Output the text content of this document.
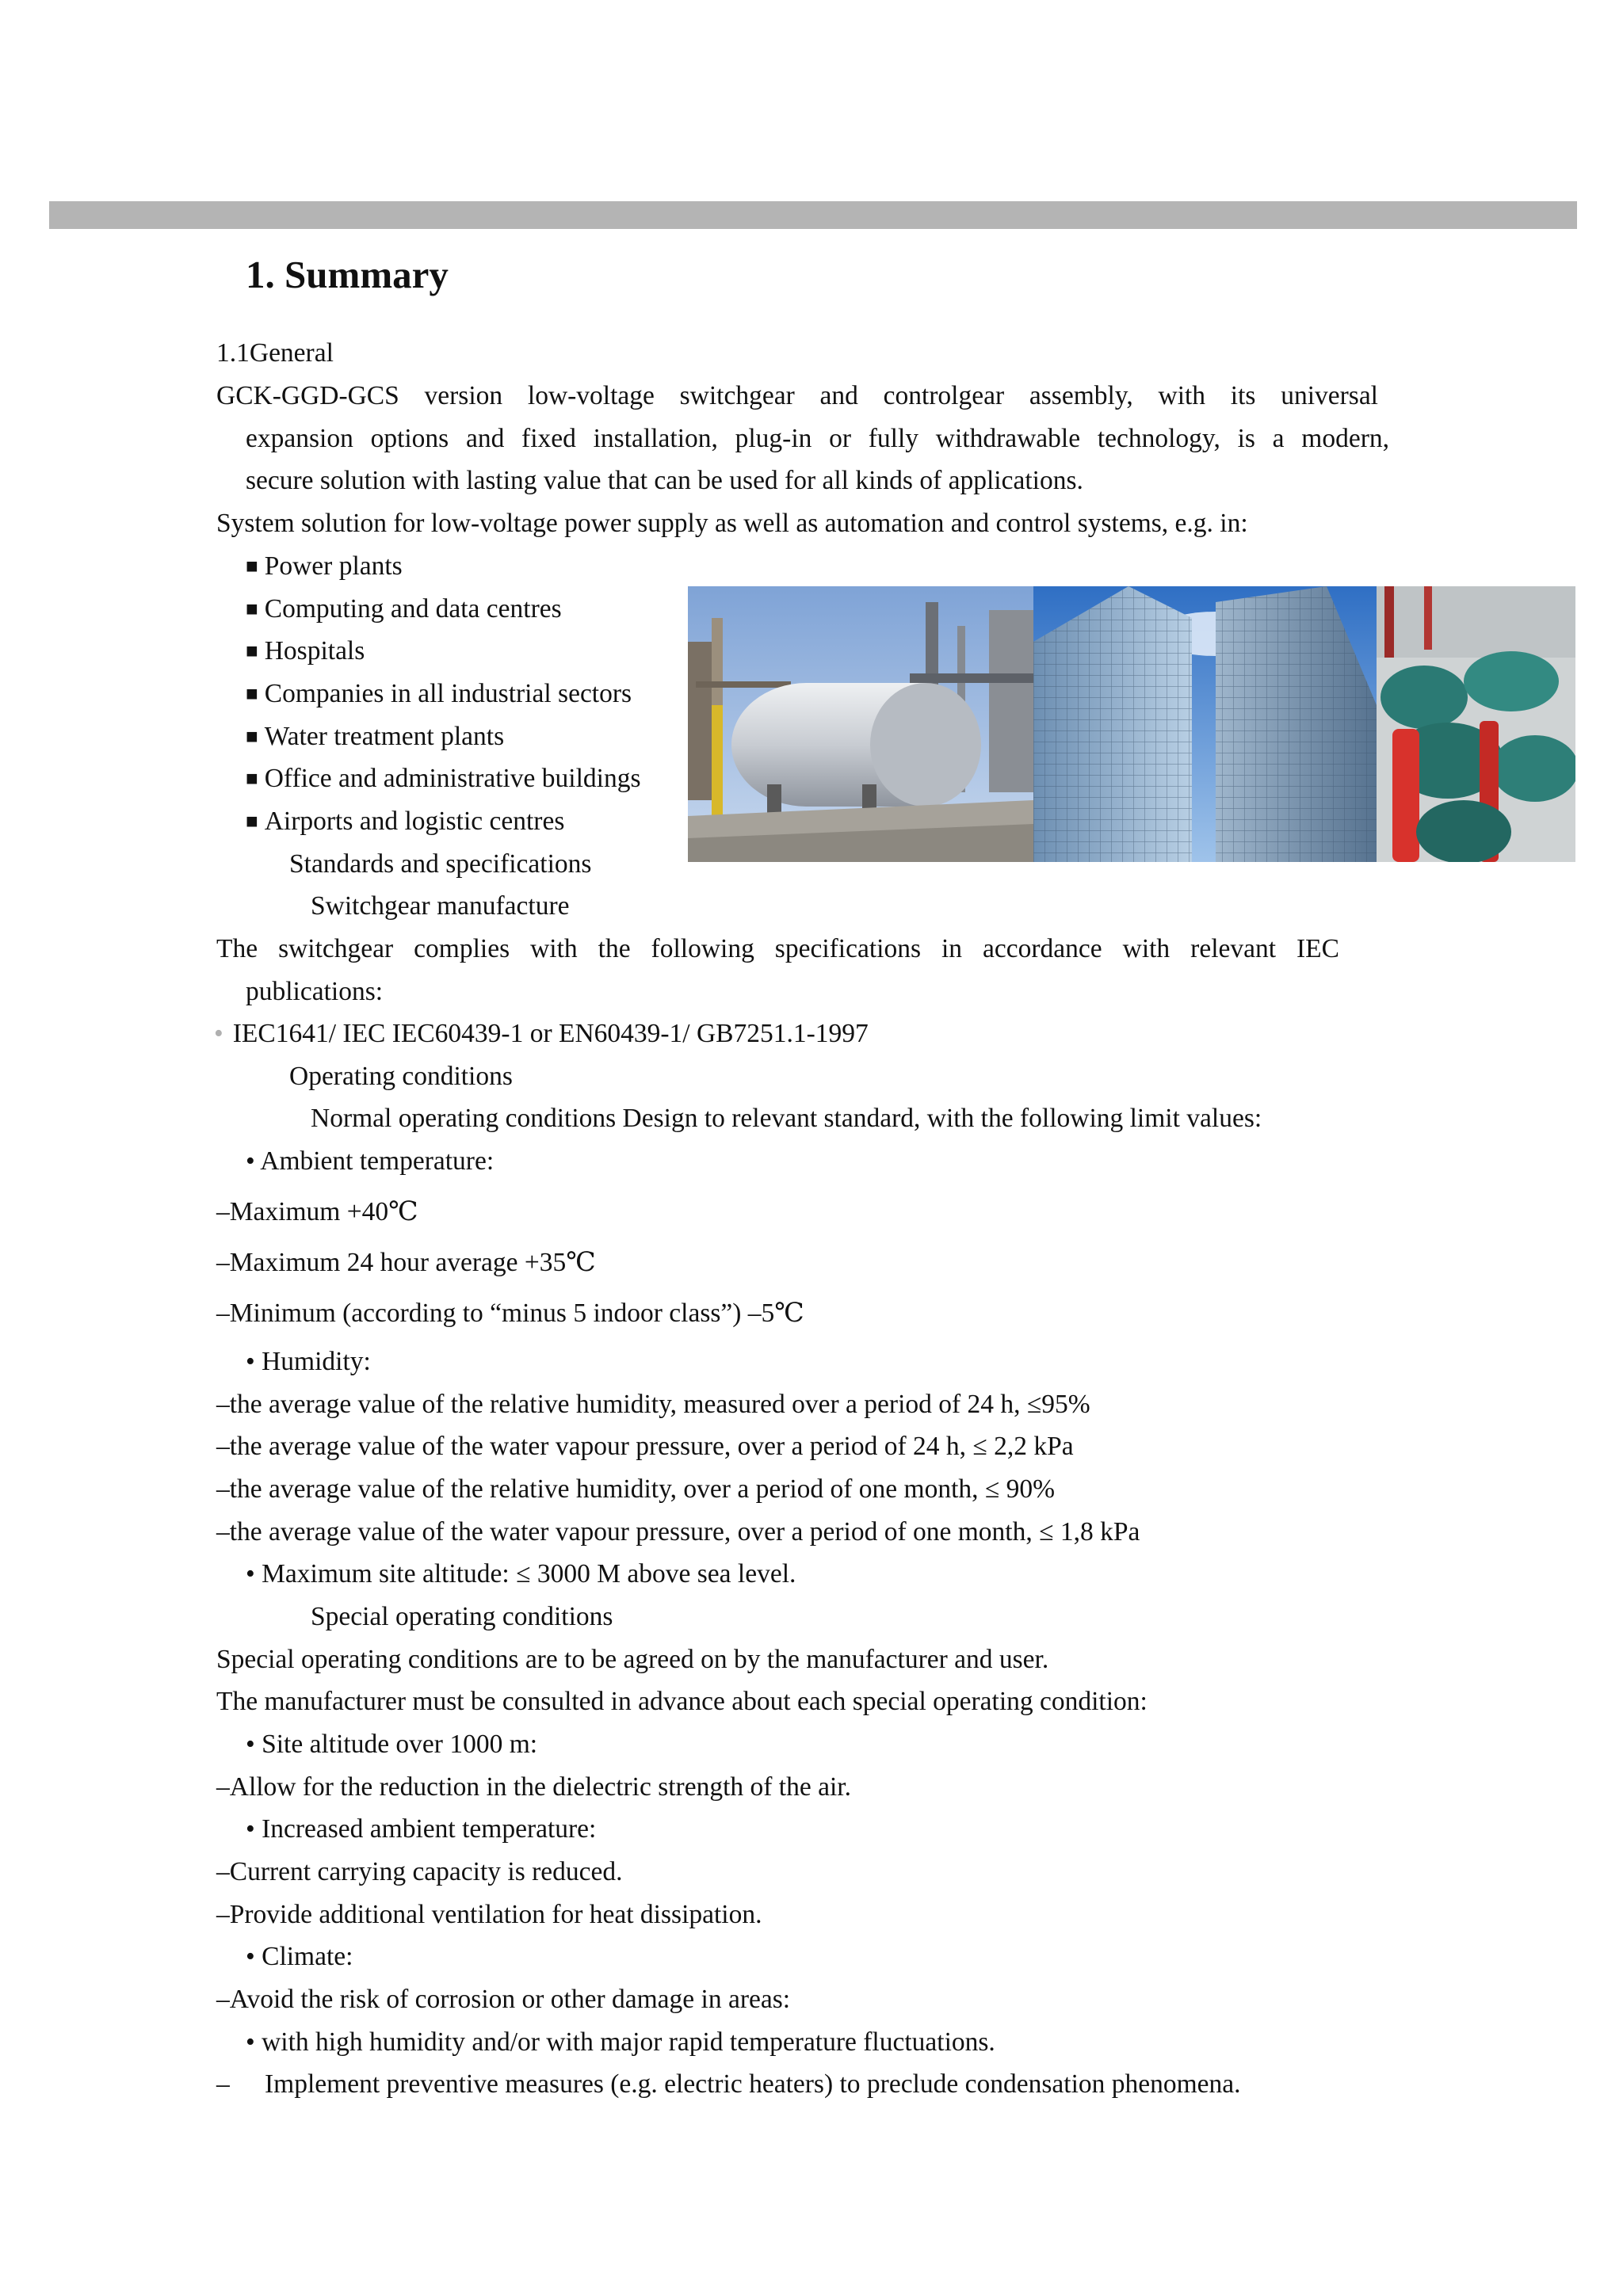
1. Summary
1.1General
GCK-GGD-GCS version low-voltage switchgear and controlgear assembly, with its universal
expansion options and fixed installation, plug-in or fully withdrawable technology, is a modern,
secure solution with lasting value that can be used for all kinds of applications.
System solution for low-voltage power supply as well as automation and control systems, e.g. in:
■ Power plants
■ Computing and data centres
■ Hospitals
■ Companies in all industrial sectors
■ Water treatment plants
■ Office and administrative buildings
■ Airports and logistic centres
Standards and specifications
Switchgear manufacture
The switchgear complies with the following specifications in accordance with relevant IEC
publications:
• IEC1641/ IEC IEC60439-1 or EN60439-1/ GB7251.1-1997
Operating conditions
Normal operating conditions Design to relevant standard, with the following limit values:
• Ambient temperature:
–Maximum +40℃
–Maximum 24 hour average +35℃
–Minimum (according to “minus 5 indoor class”) –5℃
• Humidity:
–the average value of the relative humidity, measured over a period of 24 h, ≤95%
–the average value of the water vapour pressure, over a period of 24 h, ≤ 2,2 kPa
–the average value of the relative humidity, over a period of one month, ≤ 90%
–the average value of the water vapour pressure, over a period of one month, ≤ 1,8 kPa
• Maximum site altitude: ≤ 3000 M above sea level.
Special operating conditions
Special operating conditions are to be agreed on by the manufacturer and user.
The manufacturer must be consulted in advance about each special operating condition:
• Site altitude over 1000 m:
–Allow for the reduction in the dielectric strength of the air.
• Increased ambient temperature:
–Current carrying capacity is reduced.
–Provide additional ventilation for heat dissipation.
• Climate:
–Avoid the risk of corrosion or other damage in areas:
• with high humidity and/or with major rapid temperature fluctuations.
– Implement preventive measures (e.g. electric heaters) to preclude condensation phenomena.
